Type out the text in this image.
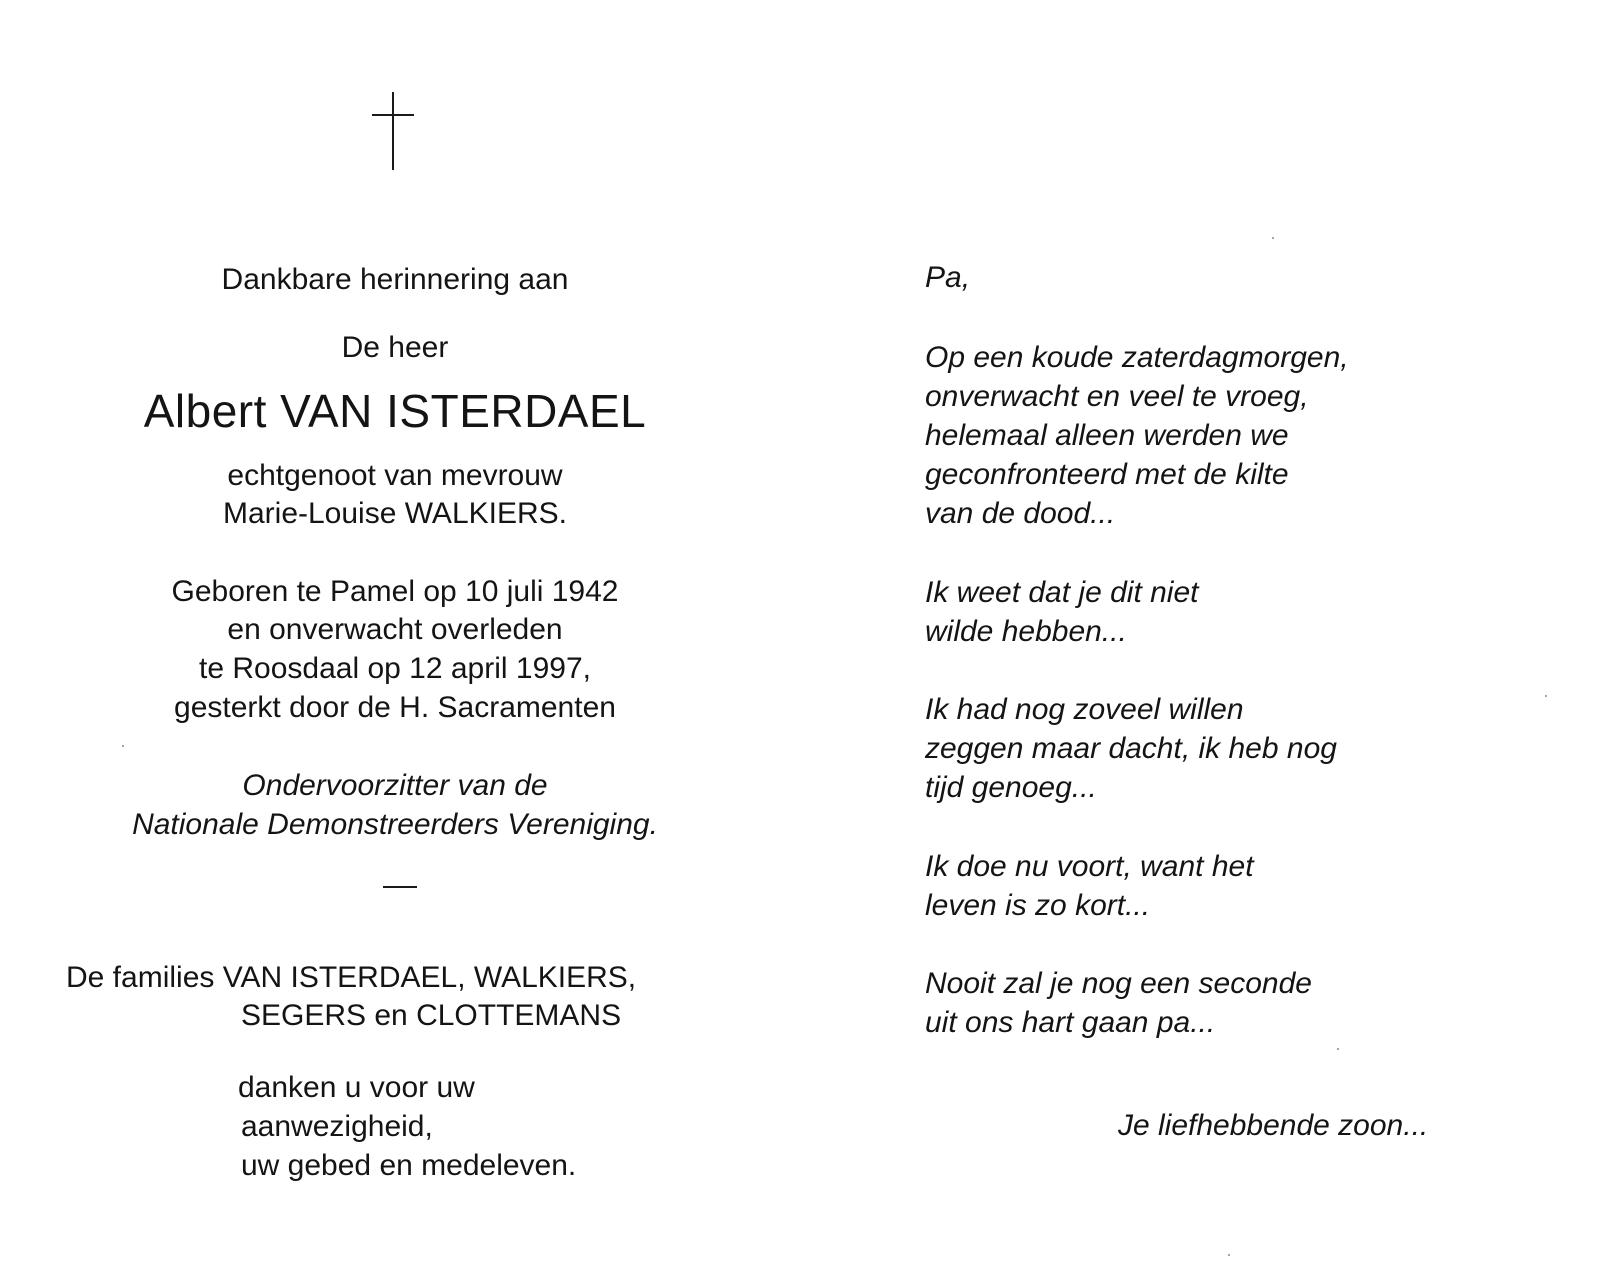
Dankbare herinnering aan
De heer
Albert VAN ISTERDAEL
echtgenoot van mevrouw
Marie-Louise WALKIERS.
Geboren te Pamel op 10 juli 1942
en onverwacht overleden
te Roosdaal op 12 april 1997,
gesterkt door de H. Sacramenten
Ondervoorzitter van de
Nationale Demonstreerders Vereniging.
De families VAN ISTERDAEL, WALKIERS,
SEGERS en CLOTTEMANS
danken u voor uw
aanwezigheid,
uw gebed en medeleven.
Pa,
Op een koude zaterdagmorgen,
onverwacht en veel te vroeg,
helemaal alleen werden we
geconfronteerd met de kilte
van de dood...
Ik weet dat je dit niet
wilde hebben...
Ik had nog zoveel willen
zeggen maar dacht, ik heb nog
tijd genoeg...
Ik doe nu voort, want het
leven is zo kort...
Nooit zal je nog een seconde
uit ons hart gaan pa...
Je liefhebbende zoon...
